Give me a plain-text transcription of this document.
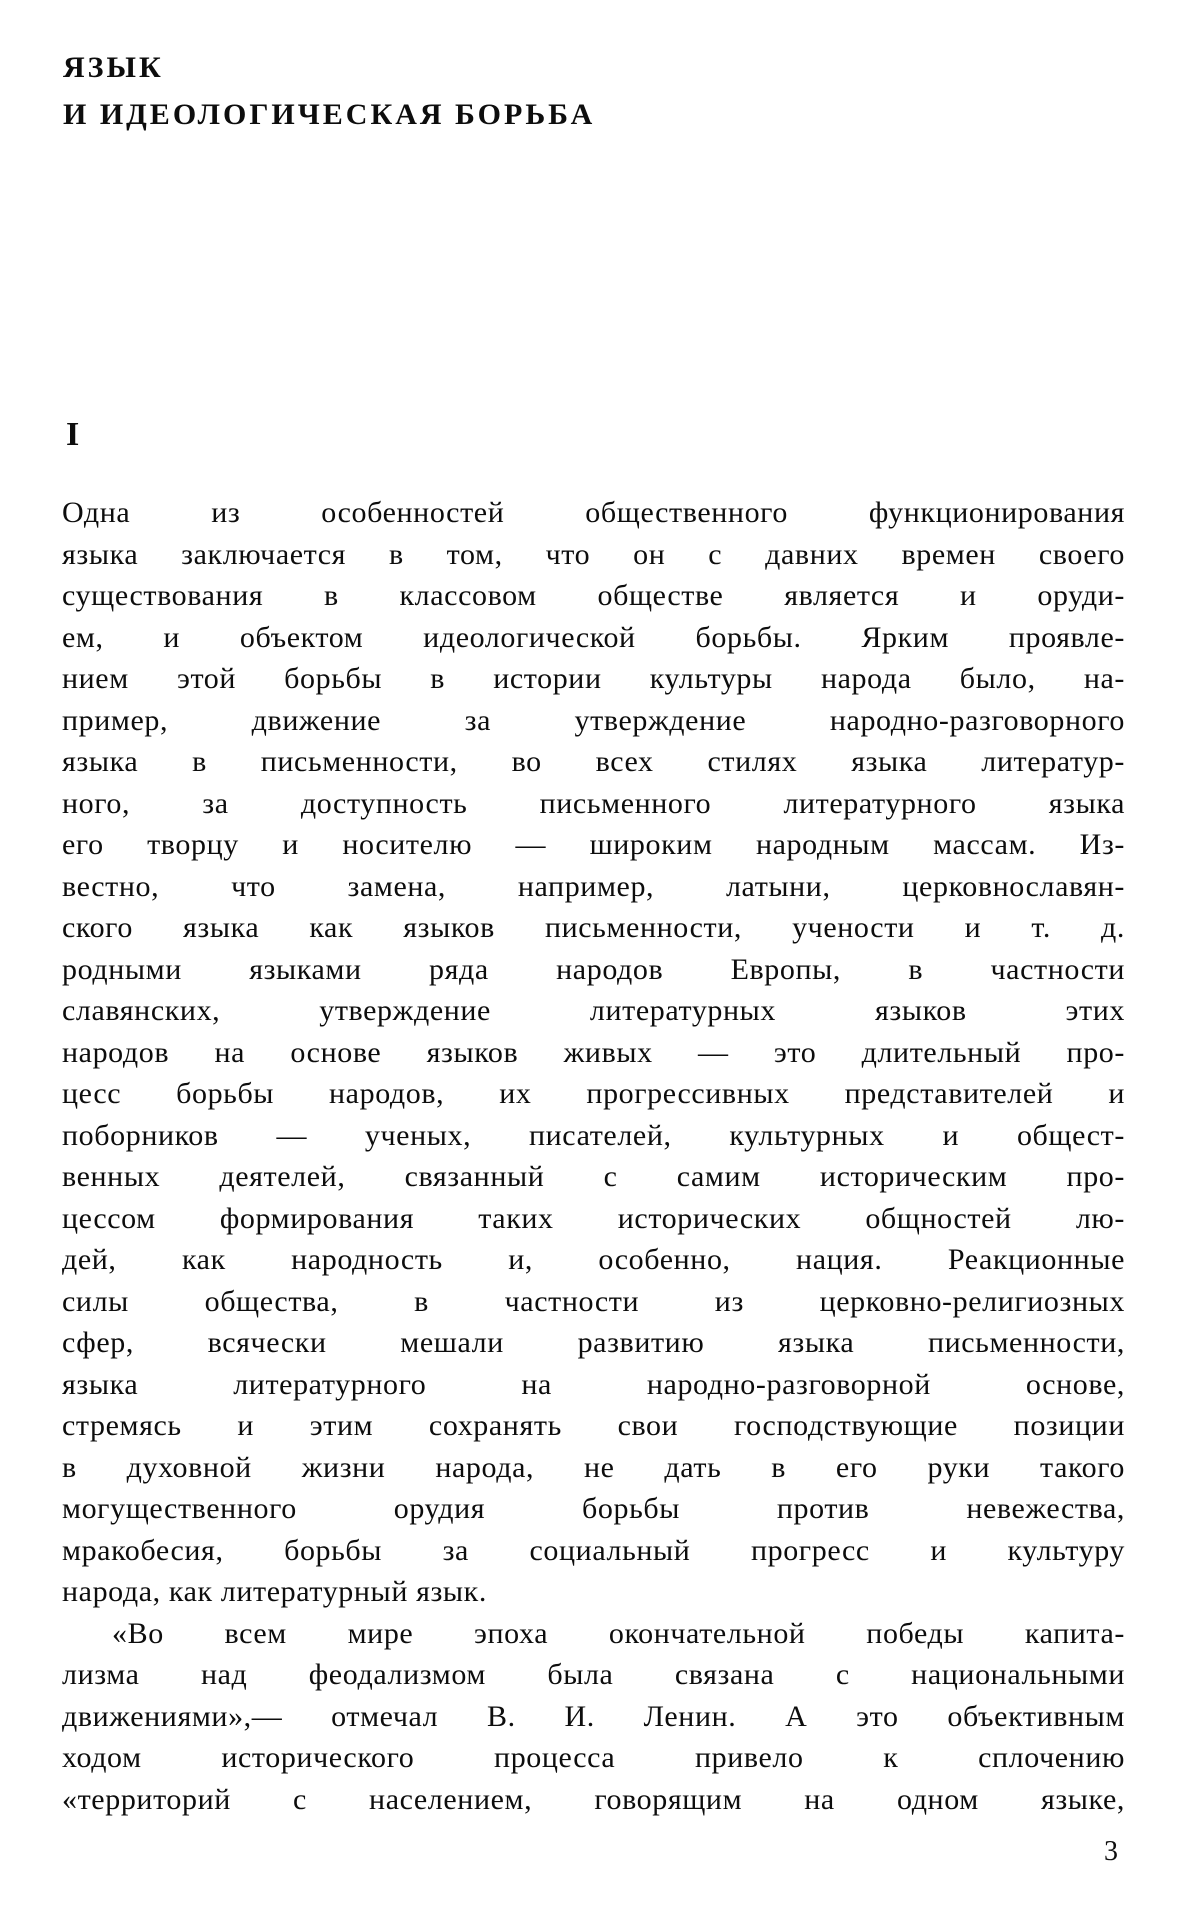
ЯЗЫК
И ИДЕОЛОГИЧЕСКАЯ БОРЬБА
I
Одна из особенностей общественного функционирования
языка заключается в том, что он с давних времен своего
существования в классовом обществе является и оруди-
ем, и объектом идеологической борьбы. Ярким проявле-
нием этой борьбы в истории культуры народа было, на-
пример, движение за утверждение народно-разговорного
языка в письменности, во всех стилях языка литератур-
ного, за доступность письменного литературного языка
его творцу и носителю — широким народным массам. Из-
вестно, что замена, например, латыни, церковнославян-
ского языка как языков письменности, учености и т. д.
родными языками ряда народов Европы, в частности
славянских, утверждение литературных языков этих
народов на основе языков живых — это длительный про-
цесс борьбы народов, их прогрессивных представителей и
поборников — ученых, писателей, культурных и общест-
венных деятелей, связанный с самим историческим про-
цессом формирования таких исторических общностей лю-
дей, как народность и, особенно, нация. Реакционные
силы общества, в частности из церковно-религиозных
сфер, всячески мешали развитию языка письменности,
языка литературного на народно-разговорной основе,
стремясь и этим сохранять свои господствующие позиции
в духовной жизни народа, не дать в его руки такого
могущественного орудия борьбы против невежества,
мракобесия, борьбы за социальный прогресс и культуру
народа, как литературный язык.
«Во всем мире эпоха окончательной победы капита-
лизма над феодализмом была связана с национальными
движениями»,— отмечал В. И. Ленин. А это объективным
ходом исторического процесса привело к сплочению
«территорий с населением, говорящим на одном языке,
3
